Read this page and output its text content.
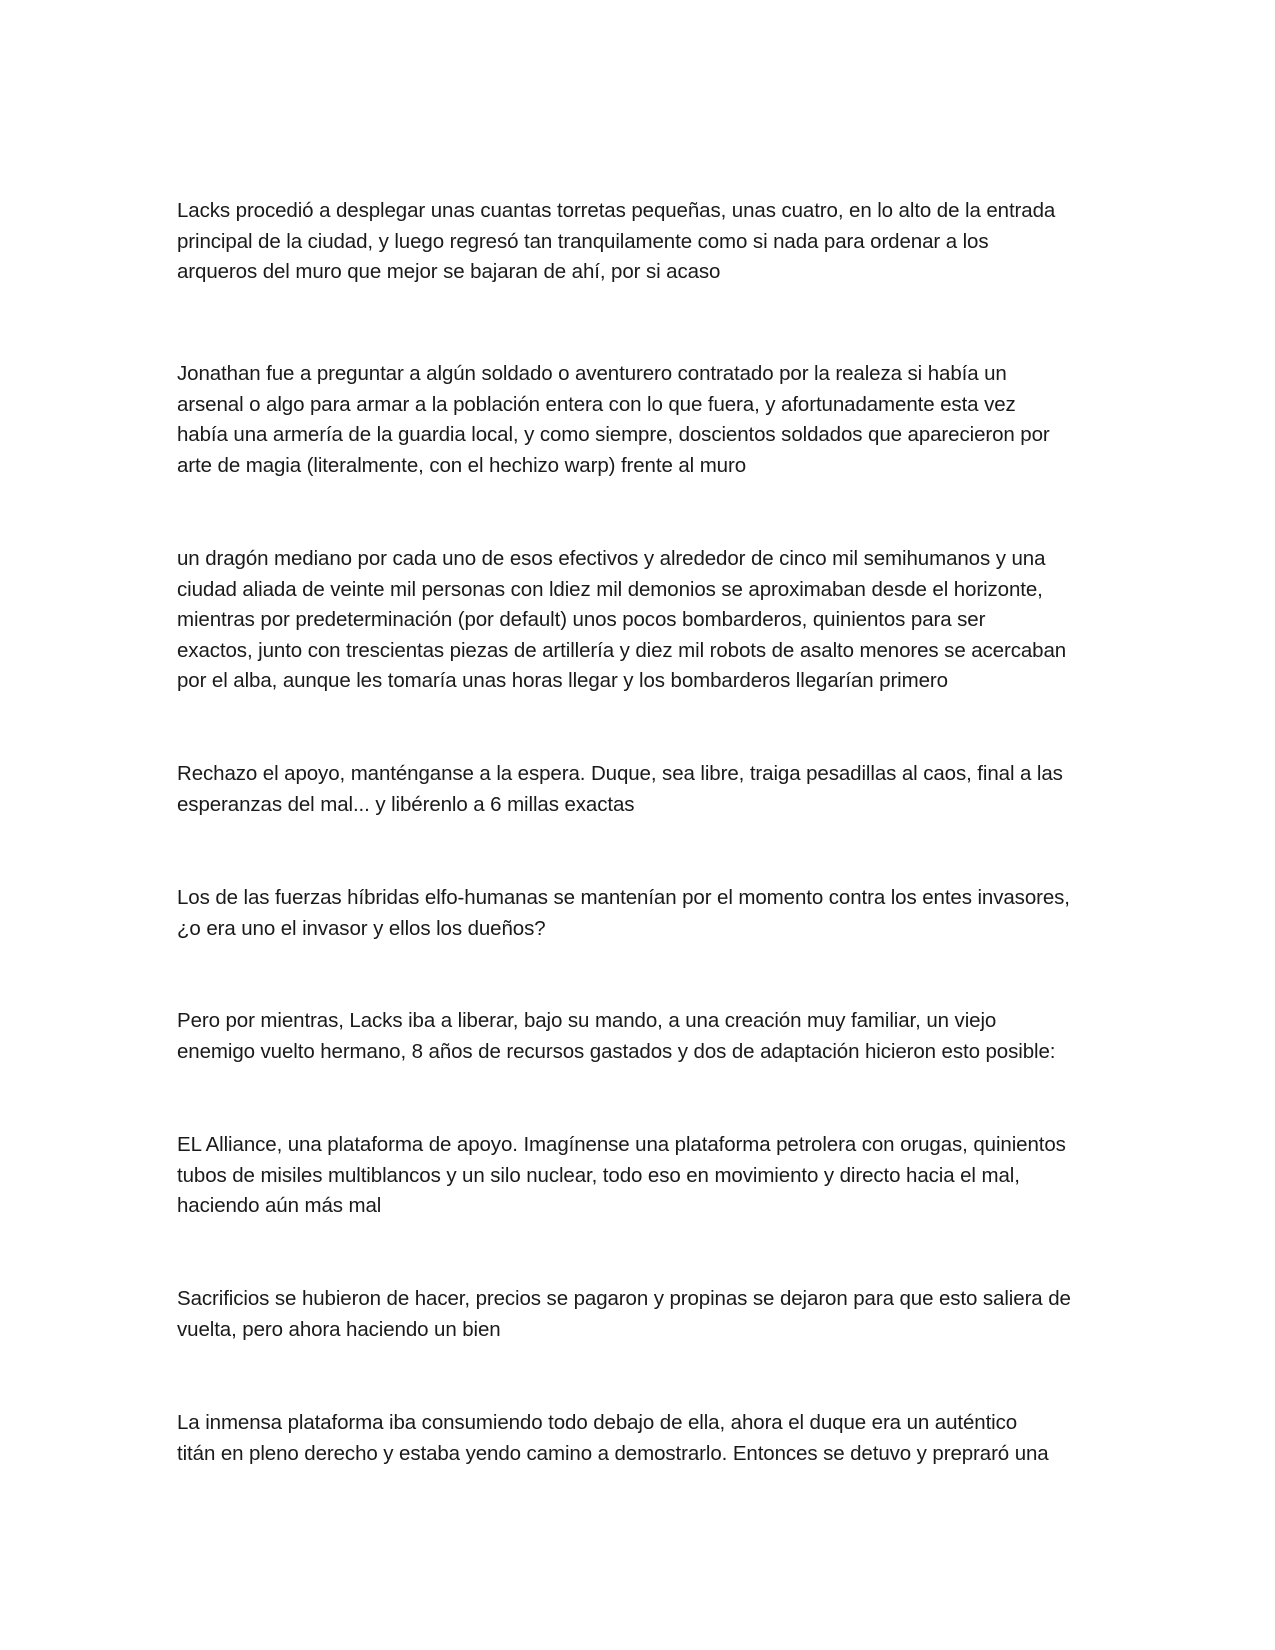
Lacks procedió a desplegar unas cuantas torretas pequeñas, unas cuatro, en lo alto de la entrada
principal de la ciudad, y luego regresó tan tranquilamente como si nada para ordenar a los
arqueros del muro que mejor se bajaran de ahí, por si acaso

Jonathan fue a preguntar a algún soldado o aventurero contratado por la realeza si había un
arsenal o algo para armar a la población entera con lo que fuera, y afortunadamente esta vez
había una armería de la guardia local, y como siempre, doscientos soldados que aparecieron por
arte de magia (literalmente, con el hechizo warp) frente al muro

un dragón mediano por cada uno de esos efectivos y alrededor de cinco mil semihumanos y una
ciudad aliada de veinte mil personas con ldiez mil demonios se aproximaban desde el horizonte,
mientras por predeterminación (por default) unos pocos bombarderos, quinientos para ser
exactos, junto con trescientas piezas de artillería y diez mil robots de asalto menores se acercaban
por el alba, aunque les tomaría unas horas llegar y los bombarderos llegarían primero

Rechazo el apoyo, manténganse a la espera. Duque, sea libre, traiga pesadillas al caos, final a las
esperanzas del mal... y libérenlo a 6 millas exactas

Los de las fuerzas híbridas elfo-humanas se mantenían por el momento contra los entes invasores,
¿o era uno el invasor y ellos los dueños?

Pero por mientras, Lacks iba a liberar, bajo su mando, a una creación muy familiar, un viejo
enemigo vuelto hermano, 8 años de recursos gastados y dos de adaptación hicieron esto posible:

EL Alliance, una plataforma de apoyo. Imagínense una plataforma petrolera con orugas, quinientos
tubos de misiles multiblancos y un silo nuclear, todo eso en movimiento y directo hacia el mal,
haciendo aún más mal

Sacrificios se hubieron de hacer, precios se pagaron y propinas se dejaron para que esto saliera de
vuelta, pero ahora haciendo un bien

La inmensa plataforma iba consumiendo todo debajo de ella, ahora el duque era un auténtico
titán en pleno derecho y estaba yendo camino a demostrarlo. Entonces se detuvo y prepraró una
